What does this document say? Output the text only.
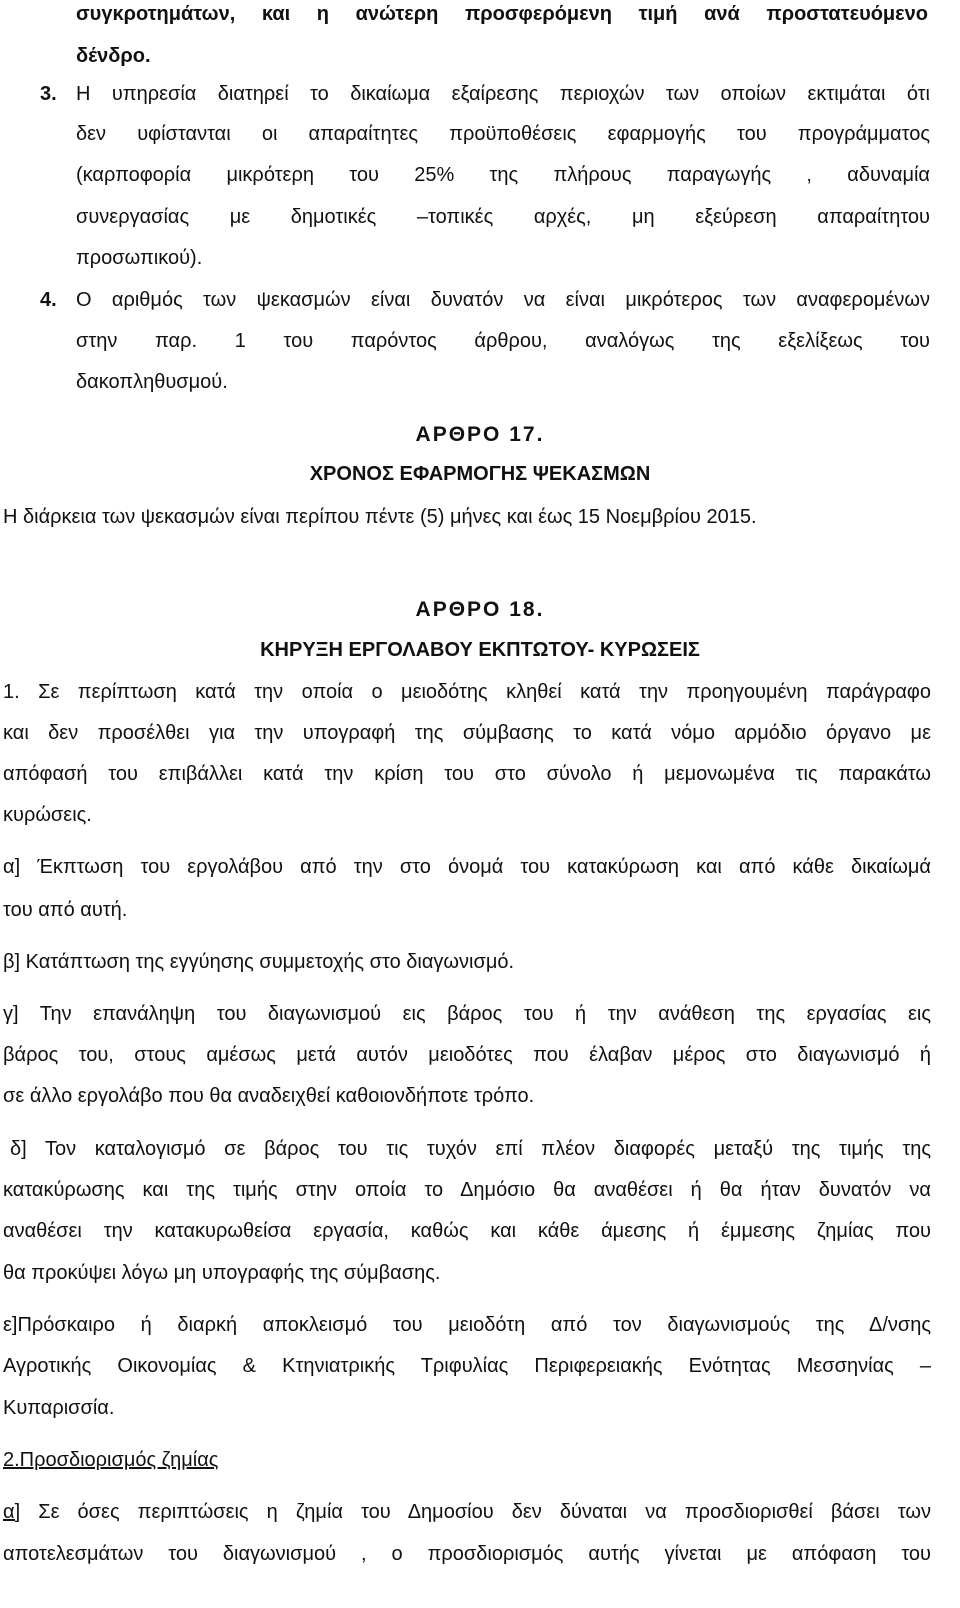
συγκροτημάτων, και η ανώτερη προσφερόμενη τιμή ανά προστατευόμενο
δένδρο.
3. Η υπηρεσία διατηρεί το δικαίωμα εξαίρεσης περιοχών των οποίων εκτιμάται ότι
δεν υφίστανται οι απαραίτητες προϋποθέσεις εφαρμογής του προγράμματος
(καρποφορία μικρότερη του 25% της πλήρους παραγωγής , αδυναμία
συνεργασίας με δημοτικές –τοπικές αρχές, μη εξεύρεση απαραίτητου
προσωπικού).
4. Ο αριθμός των ψεκασμών είναι δυνατόν να είναι μικρότερος των αναφερομένων
στην παρ. 1 του παρόντος άρθρου, αναλόγως της εξελίξεως του
δακοπληθυσμού.
ΑΡΘΡΟ 17.
ΧΡΟΝΟΣ ΕΦΑΡΜΟΓΗΣ ΨΕΚΑΣΜΩΝ
Η διάρκεια των ψεκασμών είναι περίπου πέντε (5) μήνες και έως 15 Νοεμβρίου 2015.
ΑΡΘΡΟ 18.
ΚΗΡΥΞΗ ΕΡΓΟΛΑΒΟΥ ΕΚΠΤΩΤΟΥ- ΚΥΡΩΣΕΙΣ
1. Σε περίπτωση κατά την οποία ο μειοδότης κληθεί κατά την προηγουμένη παράγραφο
και δεν προσέλθει για την υπογραφή της σύμβασης το κατά νόμο αρμόδιο όργανο με
απόφασή του επιβάλλει κατά την κρίση του στο σύνολο ή μεμονωμένα τις παρακάτω
κυρώσεις.
α] Έκπτωση του εργολάβου από την στο όνομά του κατακύρωση και από κάθε δικαίωμά
του από αυτή.
β] Κατάπτωση της εγγύησης συμμετοχής στο διαγωνισμό.
γ] Την επανάληψη του διαγωνισμού εις βάρος του ή την ανάθεση της εργασίας εις
βάρος του, στους αμέσως μετά αυτόν μειοδότες που έλαβαν μέρος στο διαγωνισμό ή
σε άλλο εργολάβο που θα αναδειχθεί καθοιονδήποτε τρόπο.
δ] Τον καταλογισμό σε βάρος του τις τυχόν επί πλέον διαφορές μεταξύ της τιμής της
κατακύρωσης και της τιμής στην οποία το Δημόσιο θα αναθέσει ή θα ήταν δυνατόν να
αναθέσει την κατακυρωθείσα εργασία, καθώς και κάθε άμεσης ή έμμεσης ζημίας που
θα προκύψει λόγω μη υπογραφής της σύμβασης.
ε]Πρόσκαιρο ή διαρκή αποκλεισμό του μειοδότη από τον διαγωνισμούς της Δ/νσης
Αγροτικής Οικονομίας & Κτηνιατρικής Τριφυλίας Περιφερειακής Ενότητας Μεσσηνίας –
Κυπαρισσία.
2.Προσδιορισμός ζημίας
α] Σε όσες περιπτώσεις η ζημία του Δημοσίου δεν δύναται να προσδιορισθεί βάσει των
αποτελεσμάτων του διαγωνισμού , ο προσδιορισμός αυτής γίνεται με απόφαση του
